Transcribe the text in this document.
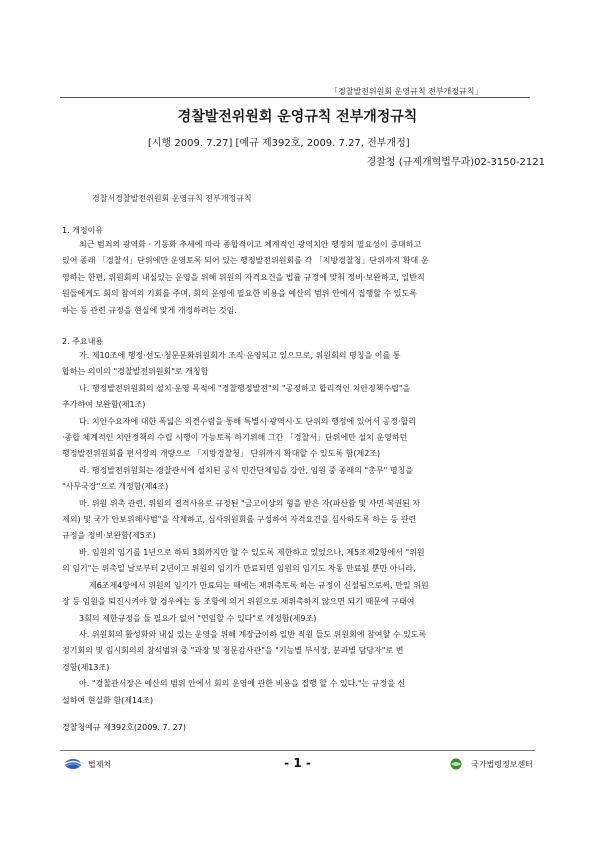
「경찰발전위원회 운영규칙 전부개정규칙」
경찰발전위원회 운영규칙 전부개정규칙
[시행 2009. 7.27] [예규 제392호, 2009. 7.27, 전부개정]
경찰청 (규제개혁법무과)02-3150-2121
경찰서경찰발전위원회 운영규칙 전부개정규칙
1. 개정이유
최근 범죄의 광역화 · 기동화 추세에 따라 종합적이고 체계적인 광역치안 행정의 필요성이 증대하고
있어 종래 「경찰서」단위에만 운영토록 되어 있는 행정발전위원회를 각 「지방경찰청」단위까지 확대 운
영하는 한편, 위원회의 내실있는 운영을 위해 위원의 자격요건을 법률 규정에 맞춰 정비·보완하고, 일반직
원들에게도 회의 참여의 기회를 주며, 회의 운영에 필요한 비용을 예산의 범위 안에서 집행할 수 있도록
하는 등 관련 규정을 현실에 맞게 개정하려는 것임.
2. 주요내용
가. 제10조에 행정·선도·청문문화위원회가 조직·운영되고 있으므로, 위원회의 명칭을 이를 통
합하는 의미의 "경찰발전위원회"로 개칭함
나. 행정발전위원회의 설치·운영 목적에 "경찰행정발전"의 "공정하고 합리적인 치안정책수립"을
추가하여 보완함(제1조)
다. 치안수요자에 대한 폭넓은 의견수렴을 통해 특별시·광역시·도 단위의 행정에 있어서 공정·합리
·종합 체계적인 치안정책의 수립 시행이 가능토록 하기위해 그간 「경찰서」단위에만 설치 운영하던
행정발전위원회를 편서장의 개량으로 「지방경찰청」 단위까지 확대할 수 있도록 함(제2조)
라. 행정발전위원회는 경찰관서에 설치된 공식 민간단체임을 강안, 임원 중 종래의 "총무" 명칭을
"사무국장"으로 개정함(제4조)
마. 위원 위촉 관련, 위원의 결격사유로 규정된 "금고이상의 형을 받은 자(파산함 및 사면·복권된 자
제외) 및 국가 안보위해사범"을 삭제하고, 심사위원회를 구성하여 자격요건을 심사하도록 하는 등 관련
규정을 정비·보완함(제5조)
바. 임원의 임기를 1년으로 하되 3회까지만 할 수 있도록 제한하고 있었으나, 제5조제2항에서 "위원
의 임기"는 위촉일 날로부터 2년이고 위원의 임기가 만료되면 임원의 임기도 자동 만료될 뿐만 아니라,
제6조제4항에서 위원의 임기가 만료되는 때에는 재위촉토록 하는 규정이 신설됨으로써, 만일 위원
장 등 임원을 퇴진시켜야 할 경우에는 동 조항에 의거 위원으로 재위촉하지 않으면 되기 때문에 구태여
3회의 제한규정을 둘 필요가 없어 "연임할 수 있다"로 개정함(제9조)
사. 위원회의 활성화와 내실 있는 운영을 위해 계장급이하 일반 직원 들도 위원회에 참여할 수 있도록
정기회의 및 임시회의의 참석범위 중 "과장 및 청문감사관"을 "기능별 부서장, 분과별 담당자"로 변
경함(제13조)
아. "경찰관서장은 예산의 범위 안에서 회의 운영에 관한 비용을 집행 할 수 있다."는 규정을 신
설하여 현실화 함(제14조)
경찰청예규 제392호(2009. 7. 27)
법제처	- 1 -	국가법령정보센터
